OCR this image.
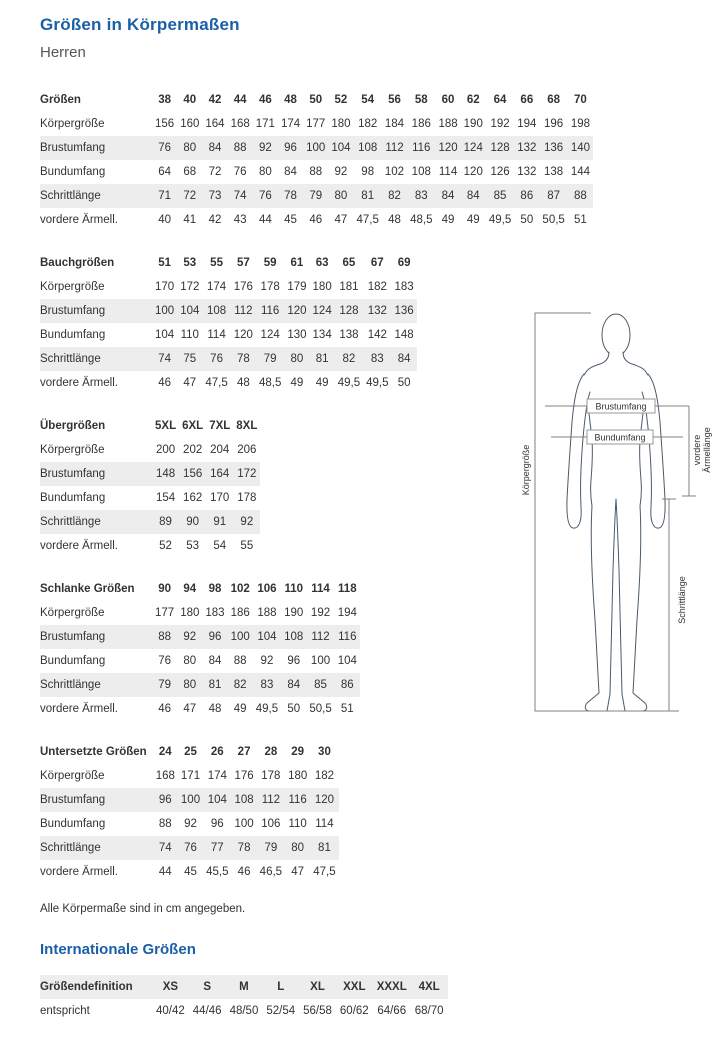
Größen in Körpermaßen
Herren
Größen	38	40	42	44	46	48	50	52	54	56	58	60	62	64	66	68	70
Körpergröße	156	160	164	168	171	174	177	180	182	184	186	188	190	192	194	196	198
Brustumfang	76	80	84	88	92	96	100	104	108	112	116	120	124	128	132	136	140
Bundumfang	64	68	72	76	80	84	88	92	98	102	108	114	120	126	132	138	144
Schrittlänge	71	72	73	74	76	78	79	80	81	82	83	84	84	85	86	87	88
vordere Ärmell.	40	41	42	43	44	45	46	47	47,5	48	48,5	49	49	49,5	50	50,5	51
Bauchgrößen	51	53	55	57	59	61	63	65	67	69
Körpergröße	170	172	174	176	178	179	180	181	182	183
Brustumfang	100	104	108	112	116	120	124	128	132	136
Bundumfang	104	110	114	120	124	130	134	138	142	148
Schrittlänge	74	75	76	78	79	80	81	82	83	84
vordere Ärmell.	46	47	47,5	48	48,5	49	49	49,5	49,5	50
Übergrößen	5XL	6XL	7XL	8XL
Körpergröße	200	202	204	206
Brustumfang	148	156	164	172
Bundumfang	154	162	170	178
Schrittlänge	89	90	91	92
vordere Ärmell.	52	53	54	55
Schlanke Größen	90	94	98	102	106	110	114	118
Körpergröße	177	180	183	186	188	190	192	194
Brustumfang	88	92	96	100	104	108	112	116
Bundumfang	76	80	84	88	92	96	100	104
Schrittlänge	79	80	81	82	83	84	85	86
vordere Ärmell.	46	47	48	49	49,5	50	50,5	51
Untersetzte Größen	24	25	26	27	28	29	30
Körpergröße	168	171	174	176	178	180	182
Brustumfang	96	100	104	108	112	116	120
Bundumfang	88	92	96	100	106	110	114
Schrittlänge	74	76	77	78	79	80	81
vordere Ärmell.	44	45	45,5	46	46,5	47	47,5

Alle Körpermaße sind in cm angegeben.

Internationale Größen
Größendefinition	XS	S	M	L	XL	XXL	XXXL	4XL
entspricht	40/42	44/46	48/50	52/54	56/58	60/62	64/66	68/70
Körpergröße
Brustumfang
Bundumfang	vordere Ärmellänge
Schrittlänge
